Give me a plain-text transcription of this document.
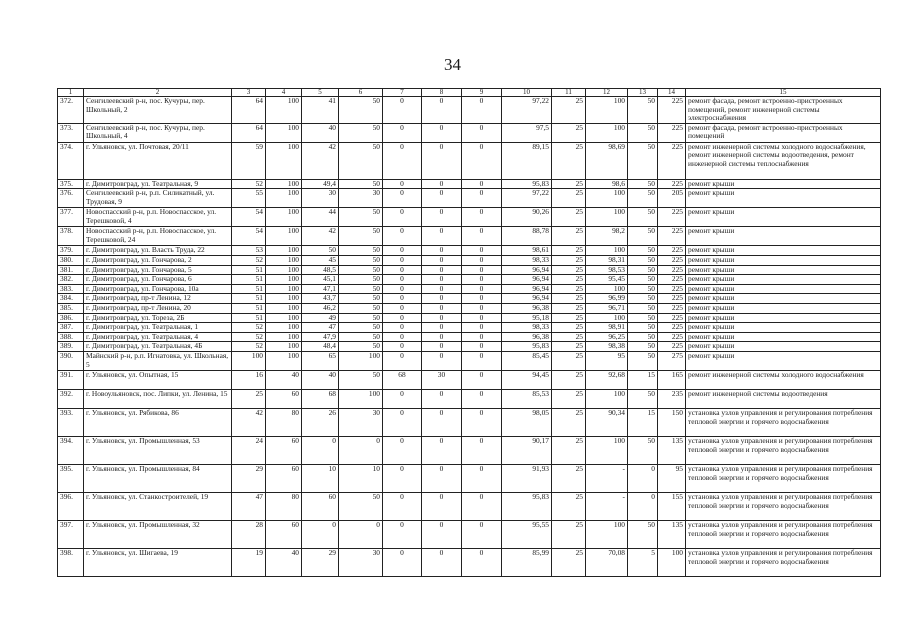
34
1	2	3	4	5	6	7	8	9	10	11	12	13	14	15
372.	Сенгилеевский р-н, пос. Кучуры, пер. Школьный, 2	64	100	41	50	0	0	0	97,22	25	100	50	225	ремонт фасада, ремонт встроенно-пристроенных помещений, ремонт инженерной системы электроснабжения
373.	Сенгилеевский р-н, пос. Кучуры, пер. Школьный, 4	64	100	40	50	0	0	0	97,5	25	100	50	225	ремонт фасада, ремонт встроенно-пристроенных помещений
374.	г. Ульяновск, ул. Почтовая, 20/11	59	100	42	50	0	0	0	89,15	25	98,69	50	225	ремонт инженерной системы холодного водоснабжения, ремонт инженерной системы водоотведения, ремонт инженерной системы теплоснабжения
375.	г. Димитровград, ул. Театральная, 9	52	100	49,4	50	0	0	0	95,83	25	98,6	50	225	ремонт крыши
376.	Сенгилеевский р-н, р.п. Силикатный, ул. Трудовая, 9	55	100	30	30	0	0	0	97,22	25	100	50	205	ремонт крыши
377.	Новоспасский р-н, р.п. Новоспасское, ул. Терешковой, 4	54	100	44	50	0	0	0	90,26	25	100	50	225	ремонт крыши
378.	Новоспасский р-н, р.п. Новоспасское, ул. Терешковой, 24	54	100	42	50	0	0	0	88,78	25	98,2	50	225	ремонт крыши
379.	г. Димитровград, ул. Власть Труда, 22	53	100	50	50	0	0	0	98,61	25	100	50	225	ремонт крыши
380.	г. Димитровград, ул. Гончарова, 2	52	100	45	50	0	0	0	98,33	25	98,31	50	225	ремонт крыши
381.	г. Димитровград, ул. Гончарова, 5	51	100	48,5	50	0	0	0	96,94	25	98,53	50	225	ремонт крыши
382.	г. Димитровград, ул. Гончарова, 6	51	100	45,1	50	0	0	0	96,94	25	95,45	50	225	ремонт крыши
383.	г. Димитровград, ул. Гончарова, 10а	51	100	47,1	50	0	0	0	96,94	25	100	50	225	ремонт крыши
384.	г. Димитровград, пр-т Ленина, 12	51	100	43,7	50	0	0	0	96,94	25	96,99	50	225	ремонт крыши
385.	г. Димитровград, пр-т Ленина, 20	51	100	46,2	50	0	0	0	96,38	25	96,71	50	225	ремонт крыши
386.	г. Димитровград, ул. Тореза, 2Б	51	100	49	50	0	0	0	95,18	25	100	50	225	ремонт крыши
387.	г. Димитровград, ул. Театральная, 1	52	100	47	50	0	0	0	98,33	25	98,91	50	225	ремонт крыши
388.	г. Димитровград, ул. Театральная, 4	52	100	47,9	50	0	0	0	96,38	25	96,25	50	225	ремонт крыши
389.	г. Димитровград, ул. Театральная, 4Б	52	100	48,4	50	0	0	0	95,83	25	98,38	50	225	ремонт крыши
390.	Майнский р-н, р.п. Игнатовка, ул. Школьная, 5	100	100	65	100	0	0	0	85,45	25	95	50	275	ремонт крыши
391.	г. Ульяновск, ул. Опытная, 15	16	40	40	50	68	30	0	94,45	25	92,68	15	165	ремонт инженерной системы холодного водоснабжения
392.	г. Новоульяновск, пос. Липки, ул. Ленина, 15	25	60	68	100	0	0	0	85,53	25	100	50	235	ремонт инженерной системы водоотведения
393.	г. Ульяновск, ул. Рябикова, 86	42	80	26	30	0	0	0	98,05	25	90,34	15	150	установка узлов управления и регулирования потребления тепловой энергии и горячего водоснабжения
394.	г. Ульяновск, ул. Промышленная, 53	24	60	0	0	0	0	0	90,17	25	100	50	135	установка узлов управления и регулирования потребления тепловой энергии и горячего водоснабжения
395.	г. Ульяновск, ул. Промышленная, 84	29	60	10	10	0	0	0	91,93	25	-	0	95	установка узлов управления и регулирования потребления тепловой энергии и горячего водоснабжения
396.	г. Ульяновск, ул. Станкостроителей, 19	47	80	60	50	0	0	0	95,83	25	-	0	155	установка узлов управления и регулирования потребления тепловой энергии и горячего водоснабжения
397.	г. Ульяновск, ул. Промышленная, 32	28	60	0	0	0	0	0	95,55	25	100	50	135	установка узлов управления и регулирования потребления тепловой энергии и горячего водоснабжения
398.	г. Ульяновск, ул. Шигаева, 19	19	40	29	30	0	0	0	85,99	25	70,08	5	100	установка узлов управления и регулирования потребления тепловой энергии и горячего водоснабжения
